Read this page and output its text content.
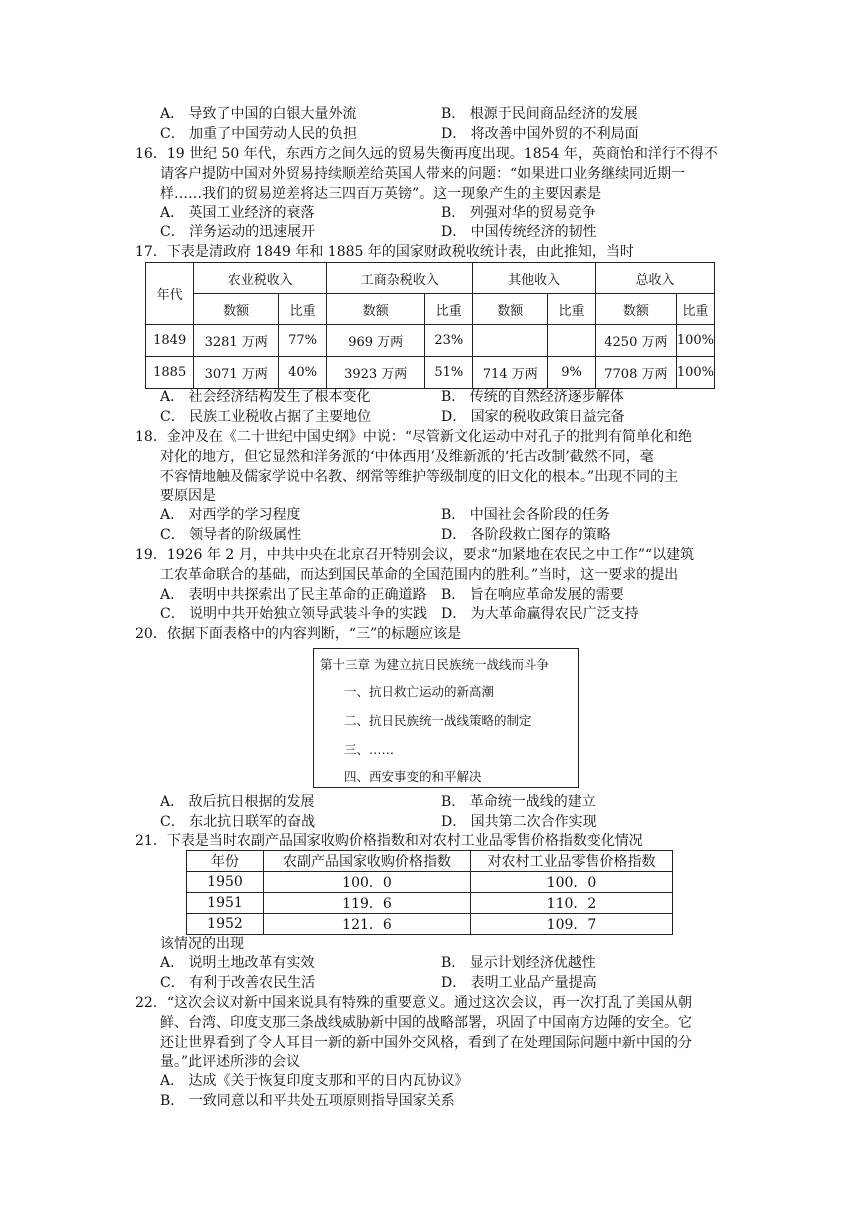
A． 导致了中国的白银大量外流	B． 根源于民间商品经济的发展
C． 加重了中国劳动人民的负担	D． 将改善中国外贸的不利局面
16．19 世纪 50 年代，东西方之间久远的贸易失衡再度出现。1854 年，英商怡和洋行不得不
请客户提防中国对外贸易持续顺差给英国人带来的问题：“如果进口业务继续同近期一
样……我们的贸易逆差将达三四百万英镑”。这一现象产生的主要因素是
A． 英国工业经济的衰落	B． 列强对华的贸易竞争
C． 洋务运动的迅速展开	D． 中国传统经济的韧性
17．下表是清政府 1849 年和 1885 年的国家财政税收统计表，由此推知，当时
年代	农业税收入		工商杂税收入		其他收入		总收入	
	数额	比重	数额	比重	数额	比重	数额	比重
1849	3281 万两	77%	969 万两	23%			4250 万两	100%
1885	3071 万两	40%	3923 万两	51%	714 万两	9%	7708 万两	100%
A． 社会经济结构发生了根本变化	B． 传统的自然经济逐步解体
C． 民族工业税收占据了主要地位	D． 国家的税收政策日益完备
18．金冲及在《二十世纪中国史纲》中说：“尽管新文化运动中对孔子的批判有简单化和绝
对化的地方，但它显然和洋务派的‘中体西用’及维新派的‘托古改制’截然不同，毫
不容情地触及儒家学说中名教、纲常等维护等级制度的旧文化的根本。”出现不同的主
要原因是
A． 对西学的学习程度	B． 中国社会各阶段的任务
C． 领导者的阶级属性	D． 各阶段救亡图存的策略
19．1926 年 2 月，中共中央在北京召开特别会议，要求“加紧地在农民之中工作”“以建筑
工农革命联合的基础，而达到国民革命的全国范围内的胜利。”当时，这一要求的提出
A． 表明中共探索出了民主革命的正确道路 B． 旨在响应革命发展的需要
C． 说明中共开始独立领导武装斗争的实践 D． 为大革命赢得农民广泛支持
20．依据下面表格中的内容判断，“三”的标题应该是
第十三章 为建立抗日民族统一战线而斗争
一、抗日救亡运动的新高潮
二、抗日民族统一战线策略的制定
三、……
四、西安事变的和平解决
A． 敌后抗日根据的发展	B． 革命统一战线的建立
C． 东北抗日联军的奋战	D． 国共第二次合作实现
21．下表是当时农副产品国家收购价格指数和对农村工业品零售价格指数变化情况
年份	农副产品国家收购价格指数	对农村工业品零售价格指数
1950	100．0	100．0
1951	119．6	110．2
1952	121．6	109．7
该情况的出现
A． 说明土地改革有实效	B． 显示计划经济优越性
C． 有利于改善农民生活	D． 表明工业品产量提高
22．“这次会议对新中国来说具有特殊的重要意义。通过这次会议，再一次打乱了美国从朝
鲜、台湾、印度支那三条战线威胁新中国的战略部署，巩固了中国南方边陲的安全。它
还让世界看到了令人耳目一新的新中国外交风格，看到了在处理国际问题中新中国的分
量。”此评述所涉的会议
A． 达成《关于恢复印度支那和平的日内瓦协议》
B． 一致同意以和平共处五项原则指导国家关系
